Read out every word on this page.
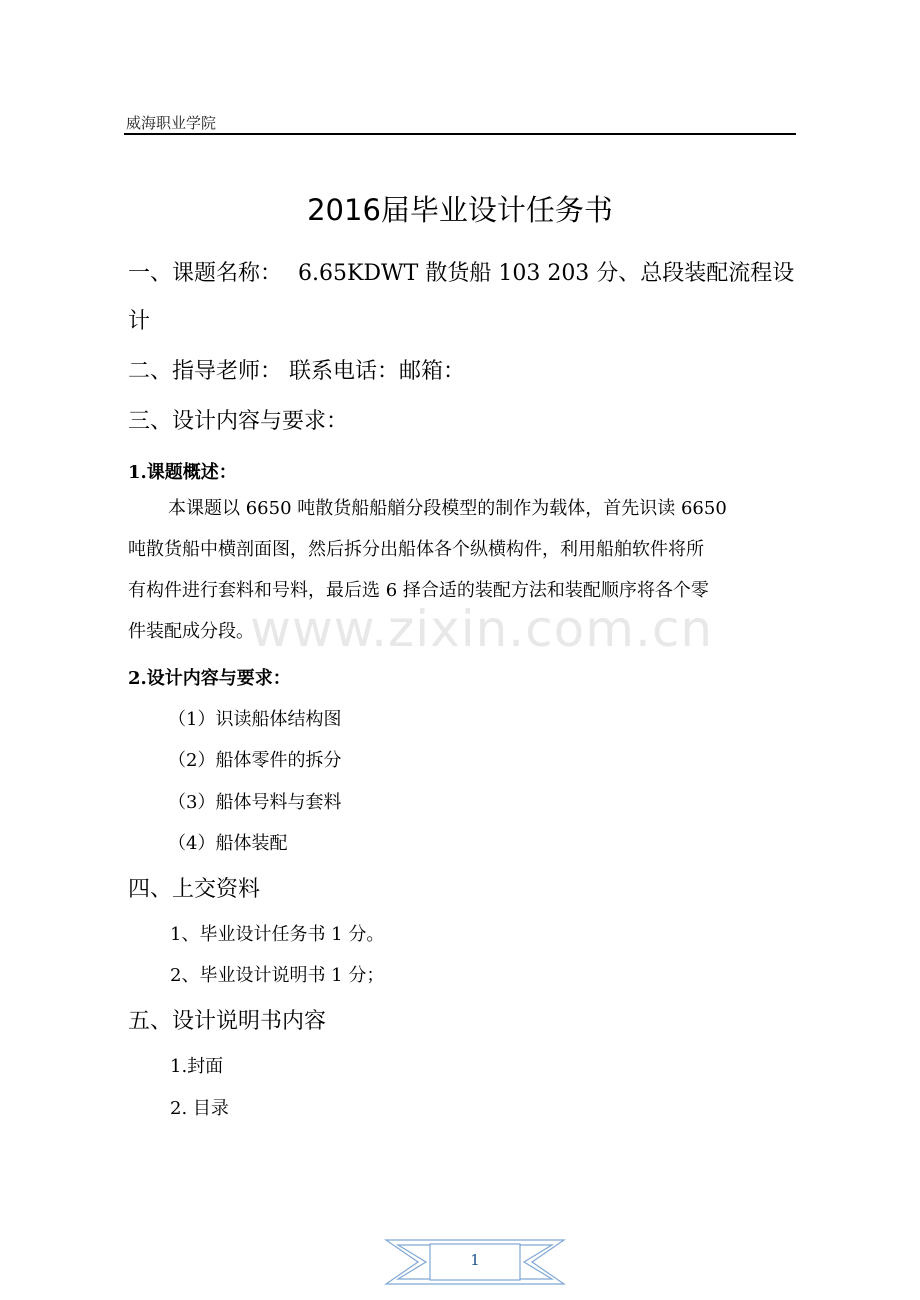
威海职业学院
2016届毕业设计任务书
一、课题名称： 6.65KDWT 散货船 103 203 分、总段装配流程设
计
二、指导老师： 联系电话：邮箱：
三、设计内容与要求：
1.课题概述：
本课题以 6650 吨散货船船艏分段模型的制作为载体，首先识读 6650
吨散货船中横剖面图，然后拆分出船体各个纵横构件，利用船舶软件将所
有构件进行套料和号料，最后选 6 择合适的装配方法和装配顺序将各个零
件装配成分段。
2.设计内容与要求：
（1）识读船体结构图
（2）船体零件的拆分
（3）船体号料与套料
（4）船体装配
四、上交资料
1、毕业设计任务书 1 分。
2、毕业设计说明书 1 分；
五、设计说明书内容
1.封面
2. 目录
www.zixin.com.cn
1
